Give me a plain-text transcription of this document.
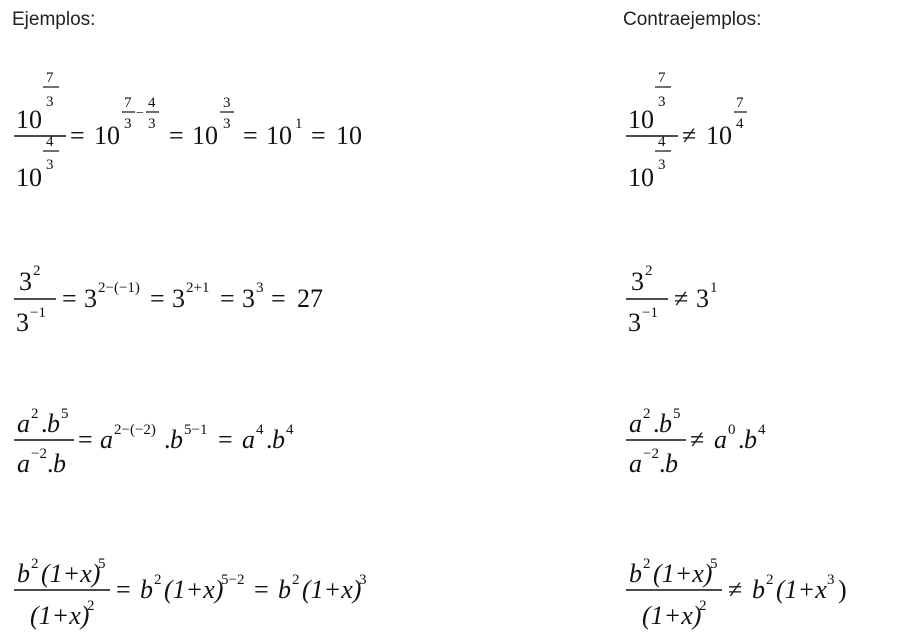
Ejemplos:	Contraejemplos:
10
7
3
10
4
3
= 10
7
3
−
4
3 = 10
3
3 = 10 1 = 10
10
7
3
10
4
3
≠ 10
7
4
3 2
3 −1 = 3 2−(−1) = 3 2+1 = 3 3 = 27
3 2
3 −1 ≠ 3 1
a 2 . b 5
a −2 . b
= a 2−(−2) . b 5−1 = a 4 . b 4	a 2 . b 5
a −2 . b
≠ a 0 . b 4
b 2 (1+x)
5
(1+x)
2
= b 2 (1+x)
5−2 = b 2 (1+x)
3	b 2 (1+x)
5
(1+x)
2
≠ b 2 (1+x 3 )
